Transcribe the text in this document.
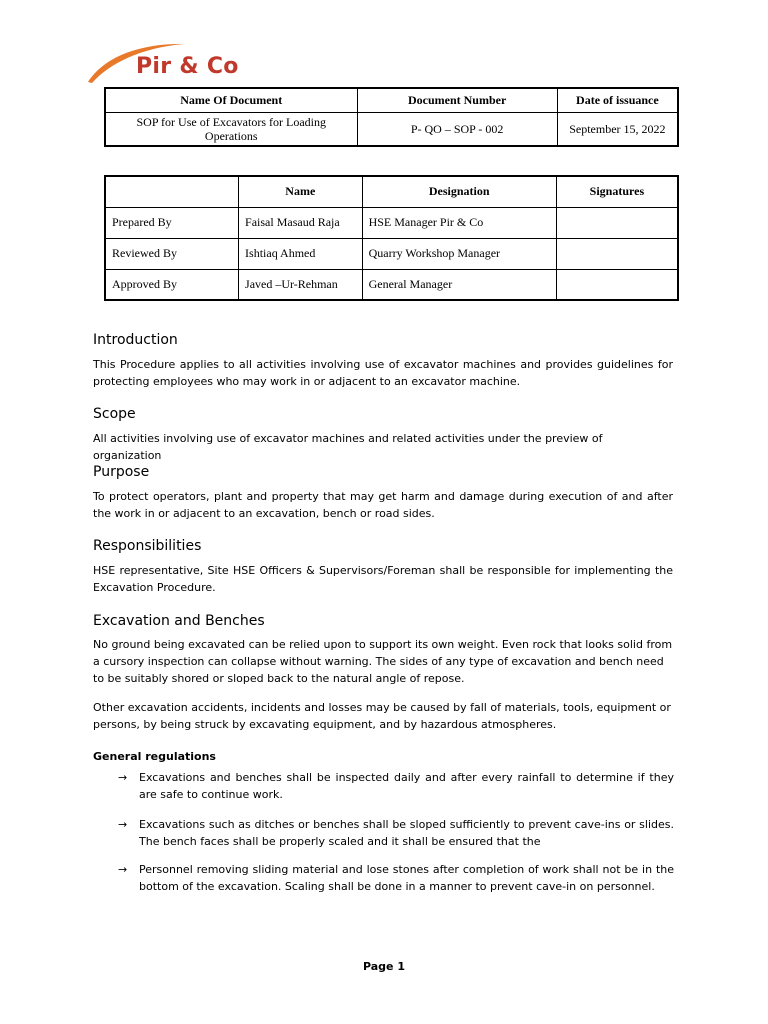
Pir & Co
Name Of Document	Document Number	Date of issuance
SOP for Use of Excavators for Loading Operations	P- QO – SOP - 002	September 15, 2022
	Name	Designation	Signatures
Prepared By	Faisal Masaud Raja	HSE Manager Pir & Co	
Reviewed By	Ishtiaq Ahmed	Quarry Workshop Manager	
Approved By	Javed –Ur-Rehman	General Manager	
Introduction

This Procedure applies to all activities involving use of excavator machines and provides guidelines for protecting employees who may work in or adjacent to an excavator machine.

Scope

All activities involving use of excavator machines and related activities under the preview of organization

Purpose

To protect operators, plant and property that may get harm and damage during execution of and after the work in or adjacent to an excavation, bench or road sides.

Responsibilities

HSE representative, Site HSE Officers & Supervisors/Foreman shall be responsible for implementing the Excavation Procedure.

Excavation and Benches

No ground being excavated can be relied upon to support its own weight. Even rock that looks solid from a cursory inspection can collapse without warning. The sides of any type of excavation and bench need to be suitably shored or sloped back to the natural angle of repose.

Other excavation accidents, incidents and losses may be caused by fall of materials, tools, equipment or persons, by being struck by excavating equipment, and by hazardous atmospheres.

General regulations
→	Excavations and benches shall be inspected daily and after every rainfall to determine if they are safe to continue work.
→	Excavations such as ditches or benches shall be sloped sufficiently to prevent cave-ins or slides. The bench faces shall be properly scaled and it shall be ensured that the
→	Personnel removing sliding material and lose stones after completion of work shall not be in the bottom of the excavation. Scaling shall be done in a manner to prevent cave-in on personnel.
Page 1
